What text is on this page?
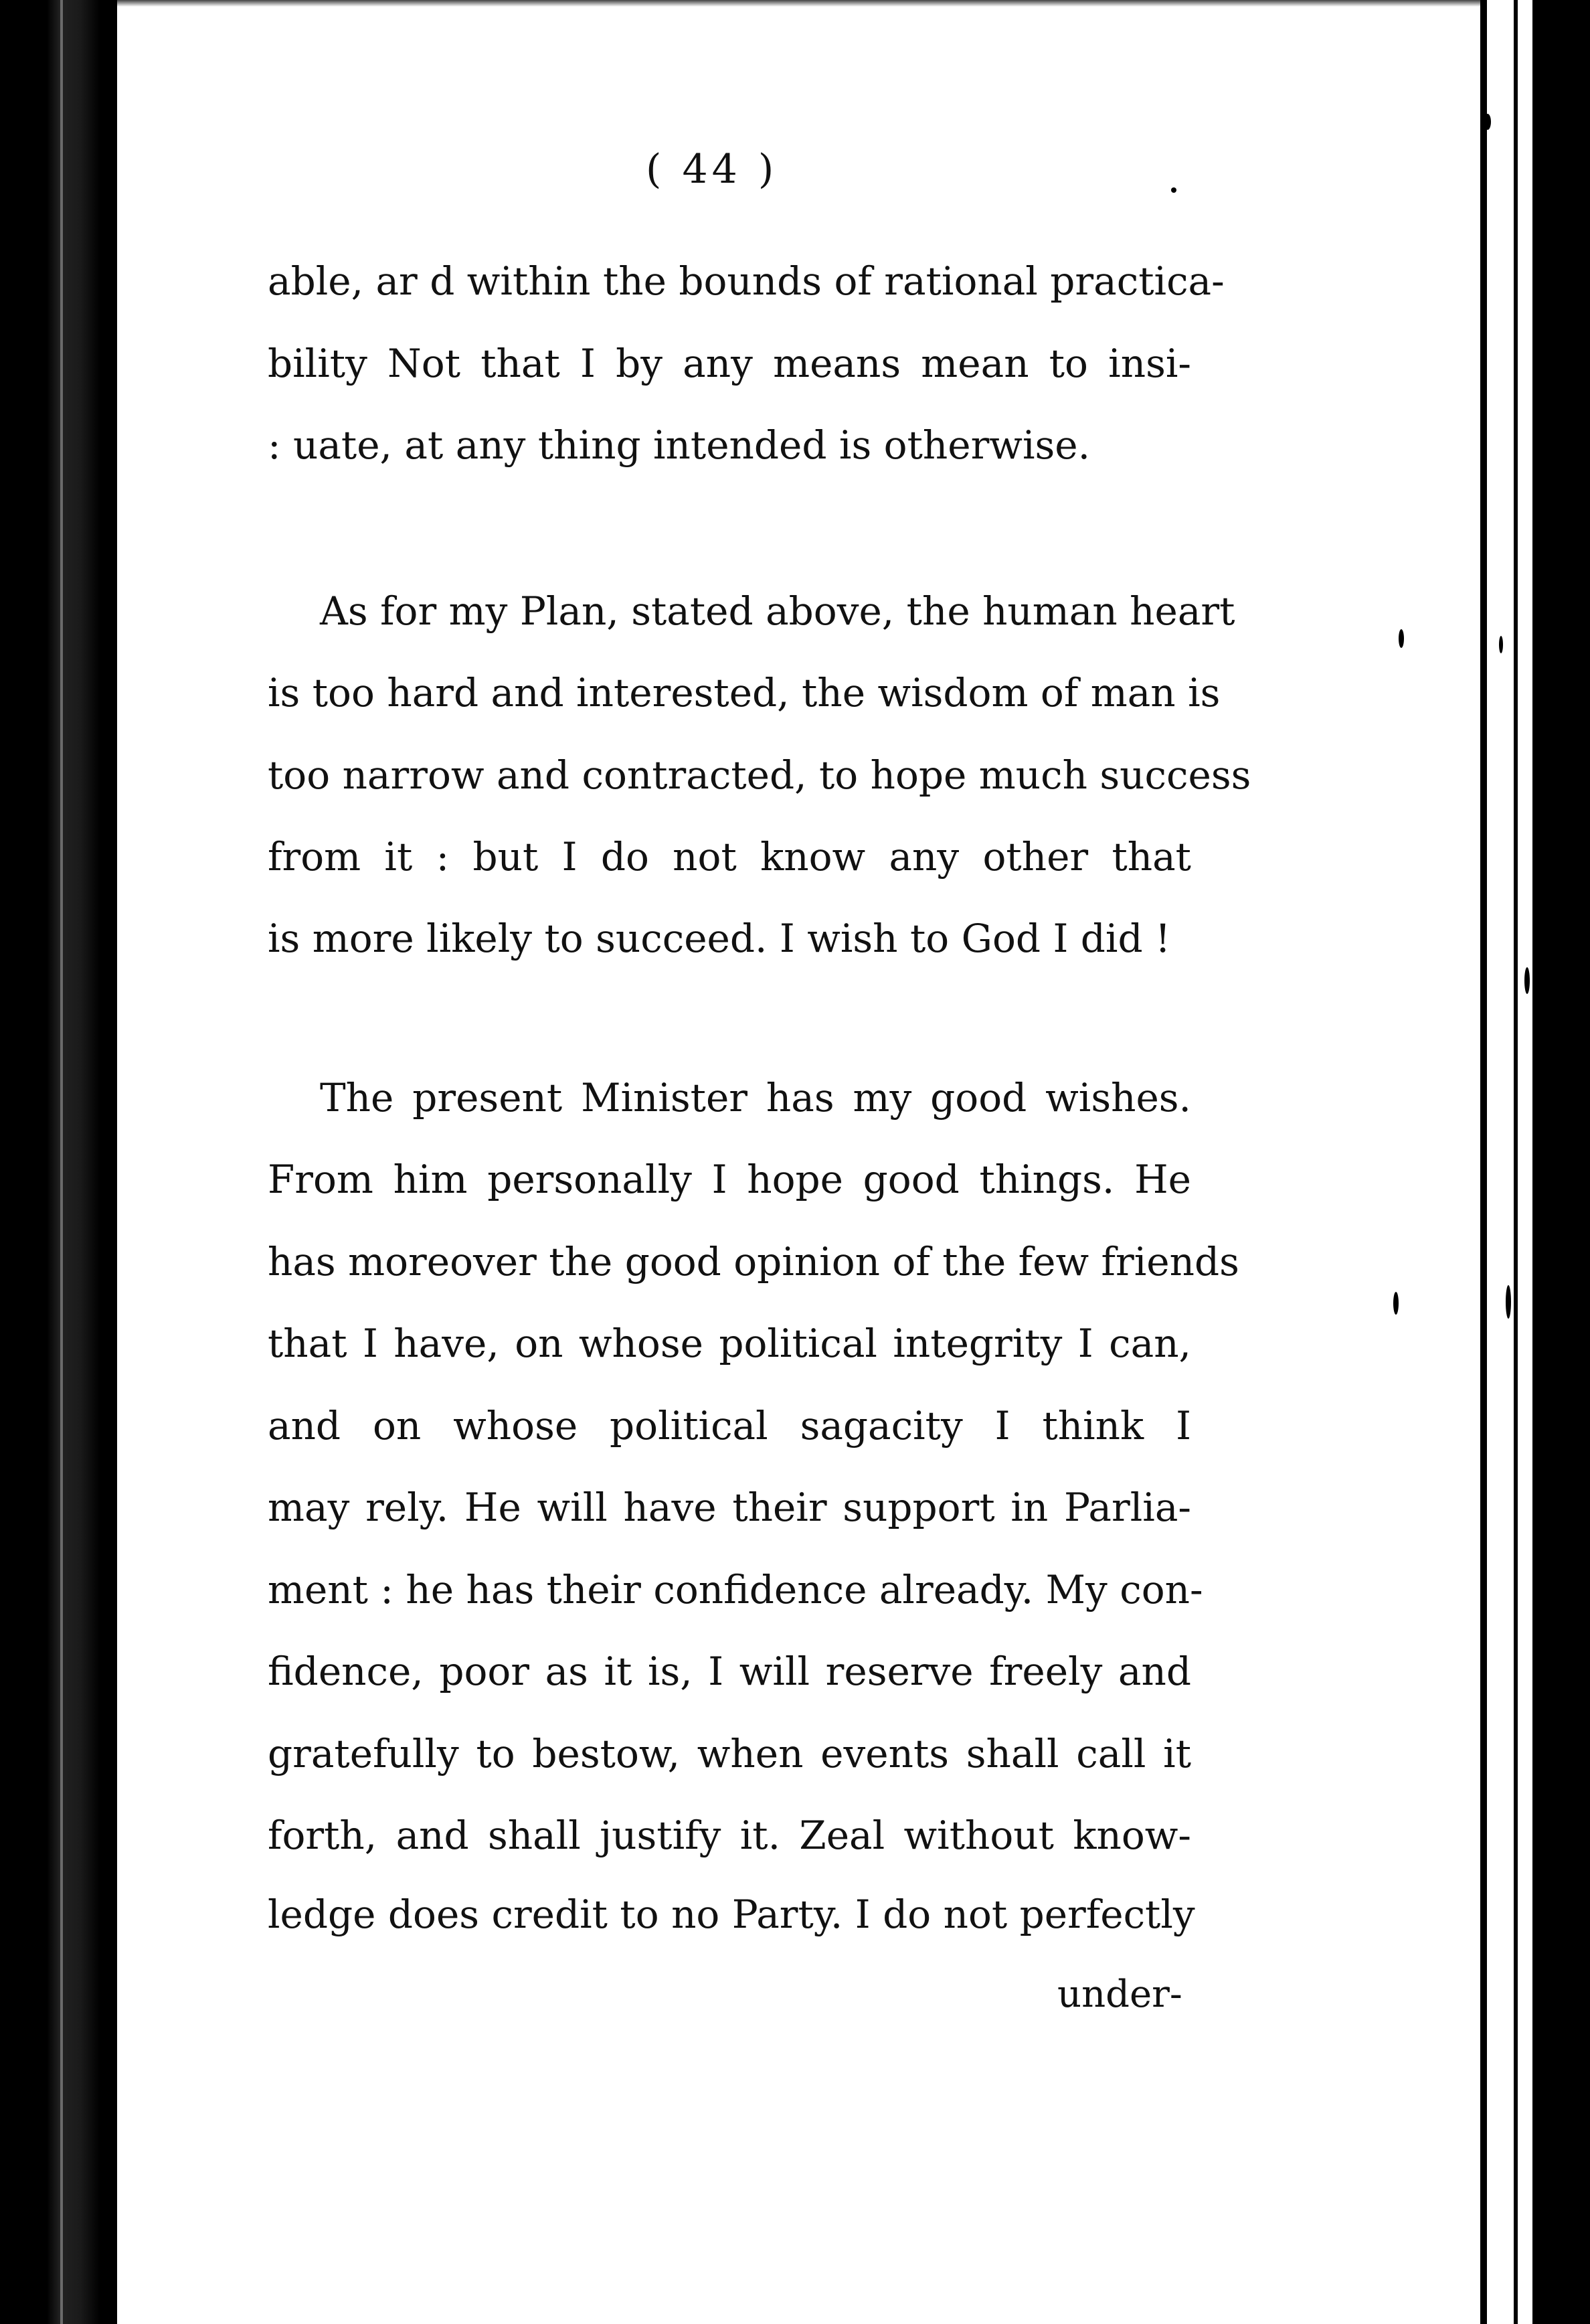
( 44 )
able, ar d within the bounds of rational practica-
bility Not that I by any means mean to insi-
: uate, at any thing intended is otherwise.
As for my Plan, stated above, the human heart
is too hard and interested, the wisdom of man is
too narrow and contracted, to hope much success
from it : but I do not know any other that
is more likely to succeed. I wish to God I did !
The present Minister has my good wishes.
From him personally I hope good things. He
has moreover the good opinion of the few friends
that I have, on whose political integrity I can,
and on whose political sagacity I think I
may rely. He will have their support in Parlia-
ment : he has their confidence already. My con-
fidence, poor as it is, I will reserve freely and
gratefully to bestow, when events shall call it
forth, and shall justify it. Zeal without know-
ledge does credit to no Party. I do not perfectly
under-
